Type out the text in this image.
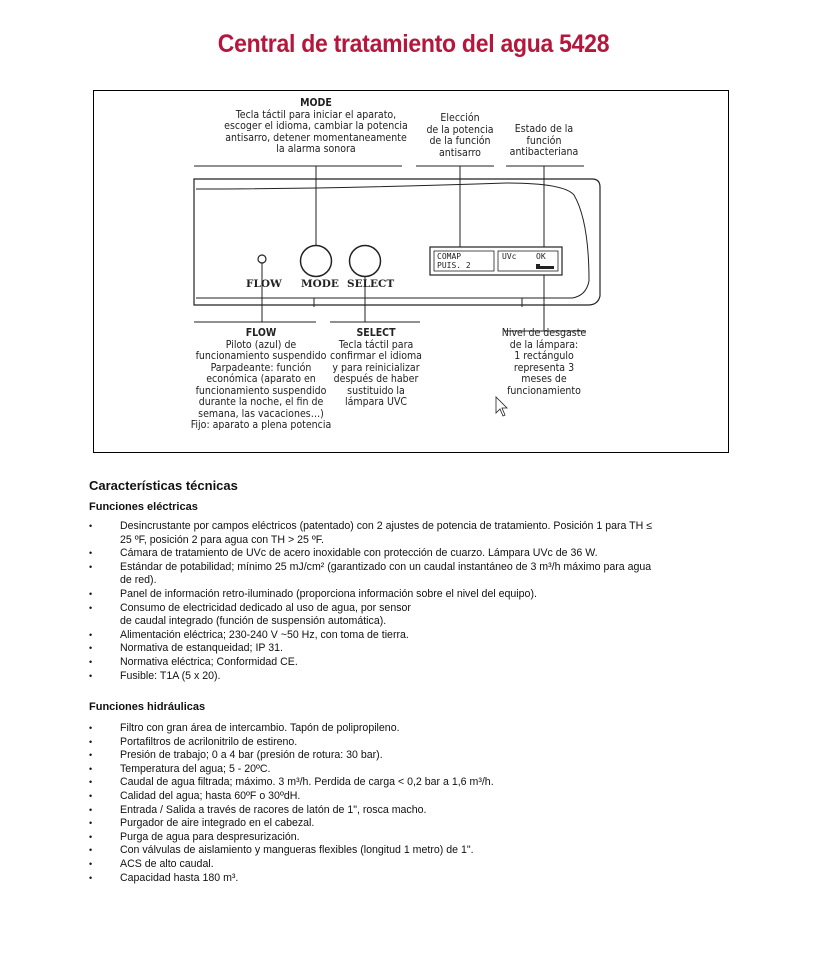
Central de tratamiento del agua 5428
MODE
Tecla táctil para iniciar el aparato,
escoger el idioma, cambiar la potencia
antisarro, detener momentaneamente
la alarma sonora
Elección
de la potencia
de la función
antisarro
Estado de la
función
antibacteriana
FLOW MODE SELECT
COMAP
PUIS. 2
UVc OK
FLOW
Piloto (azul) de
funcionamiento suspendido
Parpadeante: función
económica (aparato en
funcionamiento suspendido
durante la noche, el fin de
semana, las vacaciones…)
Fijo: aparato a plena potencia
SELECT
Tecla táctil para
confirmar el idioma
y para reinicializar
después de haber
sustituido la
lámpara UVC
Nivel de desgaste
de la lámpara:
1 rectángulo
representa 3
meses de
funcionamiento
Características técnicas
Funciones eléctricas
•	Desincrustante por campos eléctricos (patentado) con 2 ajustes de potencia de tratamiento. Posición 1 para TH ≤
25 ºF, posición 2 para agua con TH > 25 ºF.
•	Cámara de tratamiento de UVc de acero inoxidable con protección de cuarzo. Lámpara UVc de 36 W.
•	Estándar de potabilidad; mínimo 25 mJ/cm² (garantizado con un caudal instantáneo de 3 m³/h máximo para agua
de red).
•	Panel de información retro-iluminado (proporciona información sobre el nivel del equipo).
•	Consumo de electricidad dedicado al uso de agua, por sensor
de caudal integrado (función de suspensión automática).
•	Alimentación eléctrica; 230-240 V ~50 Hz, con toma de tierra.
•	Normativa de estanqueidad; IP 31.
•	Normativa eléctrica; Conformidad CE.
•	Fusible: T1A (5 x 20).
Funciones hidráulicas
•	Filtro con gran área de intercambio. Tapón de polipropileno.
•	Portafiltros de acrilonitrilo de estireno.
•	Presión de trabajo; 0 a 4 bar (presión de rotura: 30 bar).
•	Temperatura del agua; 5 - 20ºC.
•	Caudal de agua filtrada; máximo. 3 m³/h. Perdida de carga < 0,2 bar a 1,6 m³/h.
•	Calidad del agua; hasta 60ºF o 30ºdH.
•	Entrada / Salida a través de racores de latón de 1", rosca macho.
•	Purgador de aire integrado en el cabezal.
•	Purga de agua para despresurización.
•	Con válvulas de aislamiento y mangueras flexibles (longitud 1 metro) de 1".
•	ACS de alto caudal.
•	Capacidad hasta 180 m³.
